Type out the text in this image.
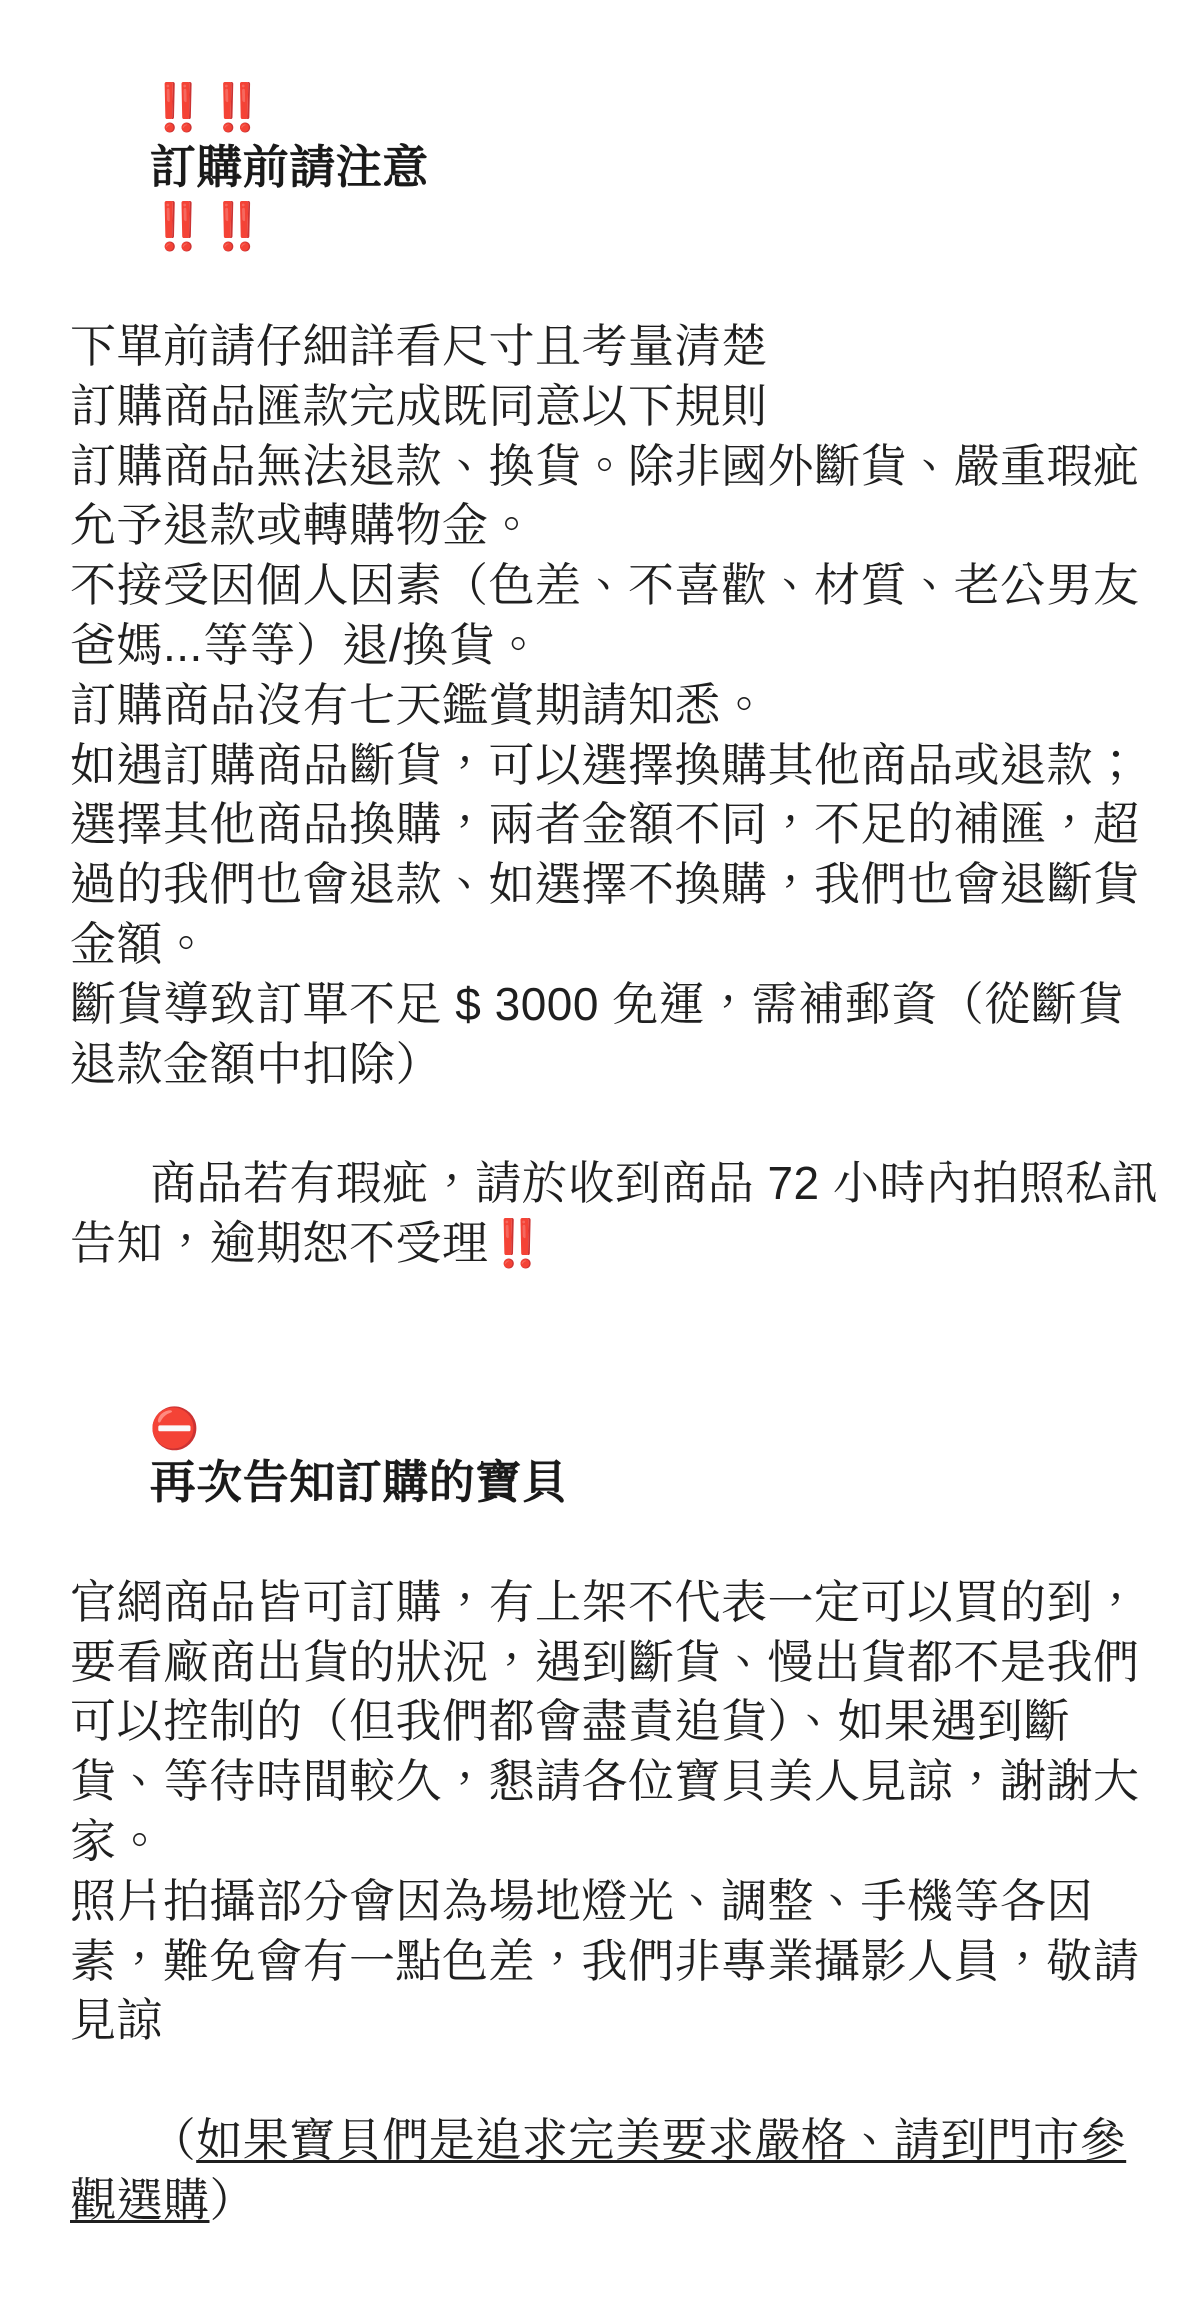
‼️‼️
訂購前請注意
‼️‼️

下單前請仔細詳看尺寸且考量清楚
訂購商品匯款完成既同意以下規則
訂購商品無法退款、換貨。除非國外斷貨、嚴重瑕疵允予退款或轉購物金。
不接受因個人因素（色差、不喜歡、材質、老公男友爸媽...等等）退/換貨。
訂購商品沒有七天鑑賞期請知悉。
如遇訂購商品斷貨，可以選擇換購其他商品或退款；選擇其他商品換購，兩者金額不同，不足的補匯，超過的我們也會退款、如選擇不換購，我們也會退斷貨金額。
斷貨導致訂單不足 $ 3000 免運，需補郵資（從斷貨退款金額中扣除）

商品若有瑕疵，請於收到商品 72 小時內拍照私訊告知，逾期恕不受理‼️

⛔
再次告知訂購的寶貝

官網商品皆可訂購，有上架不代表一定可以買的到，要看廠商出貨的狀況，遇到斷貨、慢出貨都不是我們可以控制的（但我們都會盡責追貨）、如果遇到斷貨、等待時間較久，懇請各位寶貝美人見諒，謝謝大家。
照片拍攝部分會因為場地燈光、調整、手機等各因素，難免會有一點色差，我們非專業攝影人員，敬請見諒

（如果寶貝們是追求完美要求嚴格、請到門市參觀選購）
